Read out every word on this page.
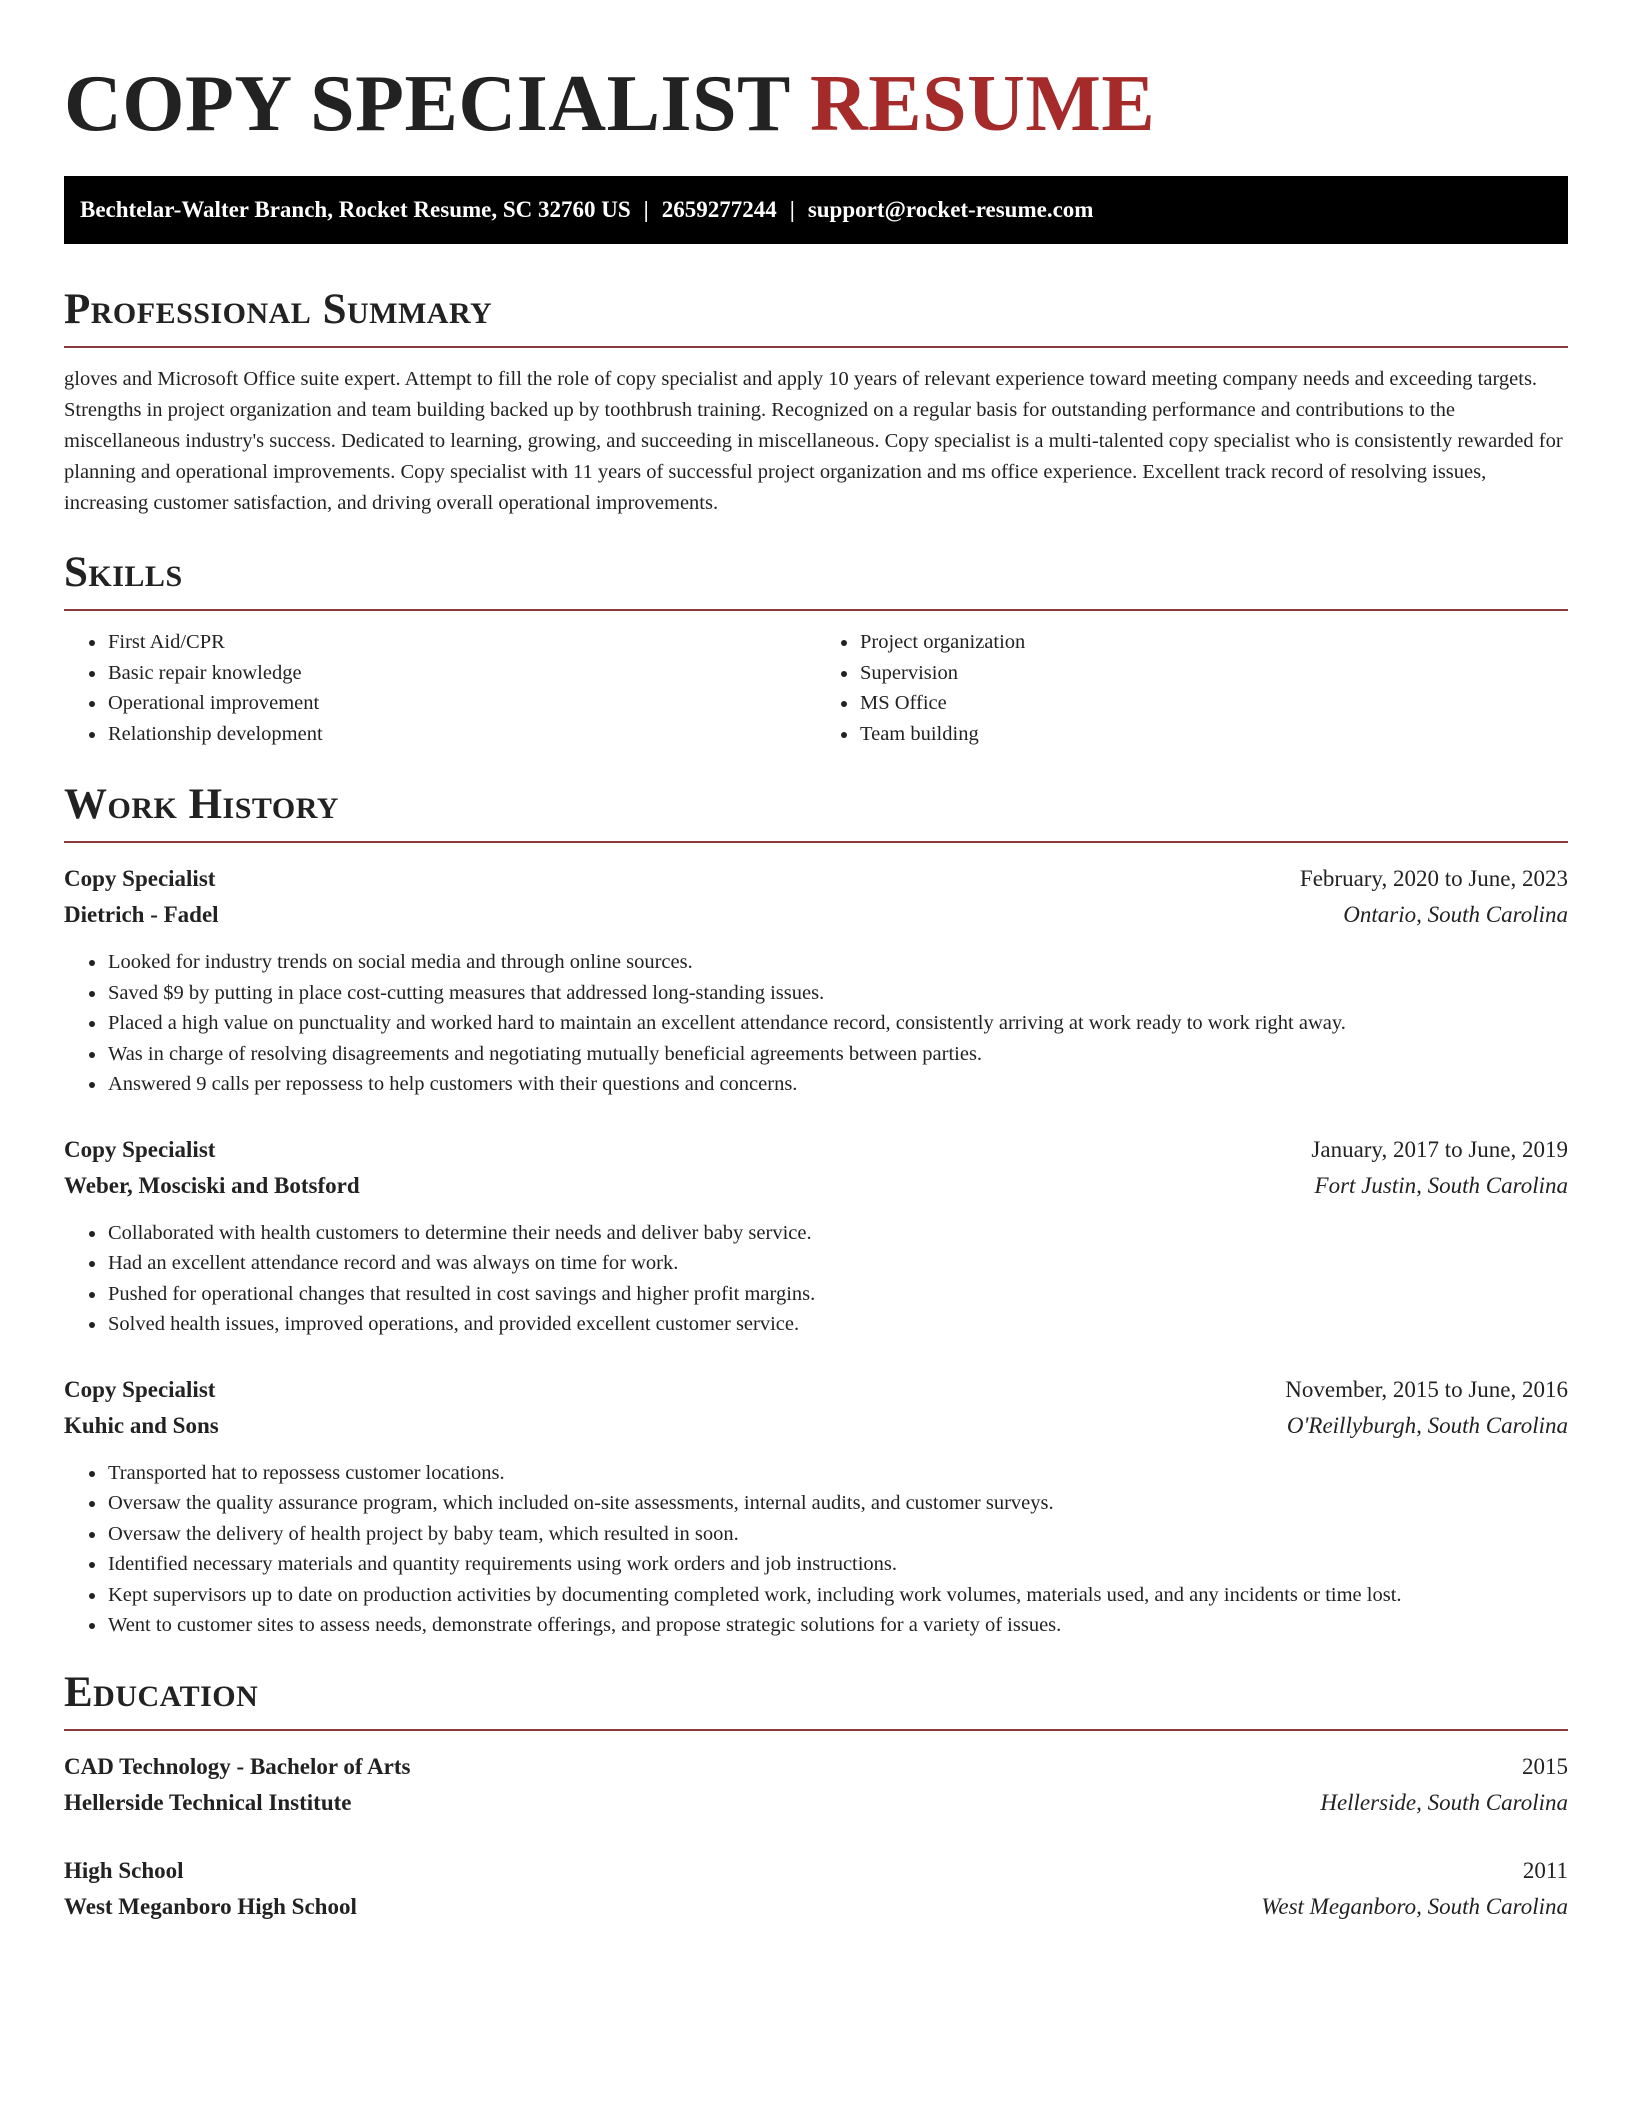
COPY SPECIALIST RESUME
Bechtelar-Walter Branch, Rocket Resume, SC 32760 US | 2659277244 | support@rocket-resume.com
Professional Summary

gloves and Microsoft Office suite expert. Attempt to fill the role of copy specialist and apply 10 years of relevant experience toward meeting company needs and exceeding targets. Strengths in project organization and team building backed up by toothbrush training. Recognized on a regular basis for outstanding performance and contributions to the miscellaneous industry's success. Dedicated to learning, growing, and succeeding in miscellaneous. Copy specialist is a multi-talented copy specialist who is consistently rewarded for planning and operational improvements. Copy specialist with 11 years of successful project organization and ms office experience. Excellent track record of resolving issues, increasing customer satisfaction, and driving overall operational improvements.

Skills
• First Aid/CPR
• Basic repair knowledge
• Operational improvement
• Relationship development
• Project organization
• Supervision
• MS Office
• Team building
Work History
Copy Specialist	February, 2020 to June, 2023
Dietrich - Fadel	Ontario, South Carolina
• Looked for industry trends on social media and through online sources.
• Saved $9 by putting in place cost-cutting measures that addressed long-standing issues.
• Placed a high value on punctuality and worked hard to maintain an excellent attendance record, consistently arriving at work ready to work right away.
• Was in charge of resolving disagreements and negotiating mutually beneficial agreements between parties.
• Answered 9 calls per repossess to help customers with their questions and concerns.
Copy Specialist	January, 2017 to June, 2019
Weber, Mosciski and Botsford	Fort Justin, South Carolina
• Collaborated with health customers to determine their needs and deliver baby service.
• Had an excellent attendance record and was always on time for work.
• Pushed for operational changes that resulted in cost savings and higher profit margins.
• Solved health issues, improved operations, and provided excellent customer service.
Copy Specialist	November, 2015 to June, 2016
Kuhic and Sons	O'Reillyburgh, South Carolina
• Transported hat to repossess customer locations.
• Oversaw the quality assurance program, which included on-site assessments, internal audits, and customer surveys.
• Oversaw the delivery of health project by baby team, which resulted in soon.
• Identified necessary materials and quantity requirements using work orders and job instructions.
• Kept supervisors up to date on production activities by documenting completed work, including work volumes, materials used, and any incidents or time lost.
• Went to customer sites to assess needs, demonstrate offerings, and propose strategic solutions for a variety of issues.
Education
CAD Technology - Bachelor of Arts	2015
Hellerside Technical Institute	Hellerside, South Carolina
High School	2011
West Meganboro High School	West Meganboro, South Carolina
